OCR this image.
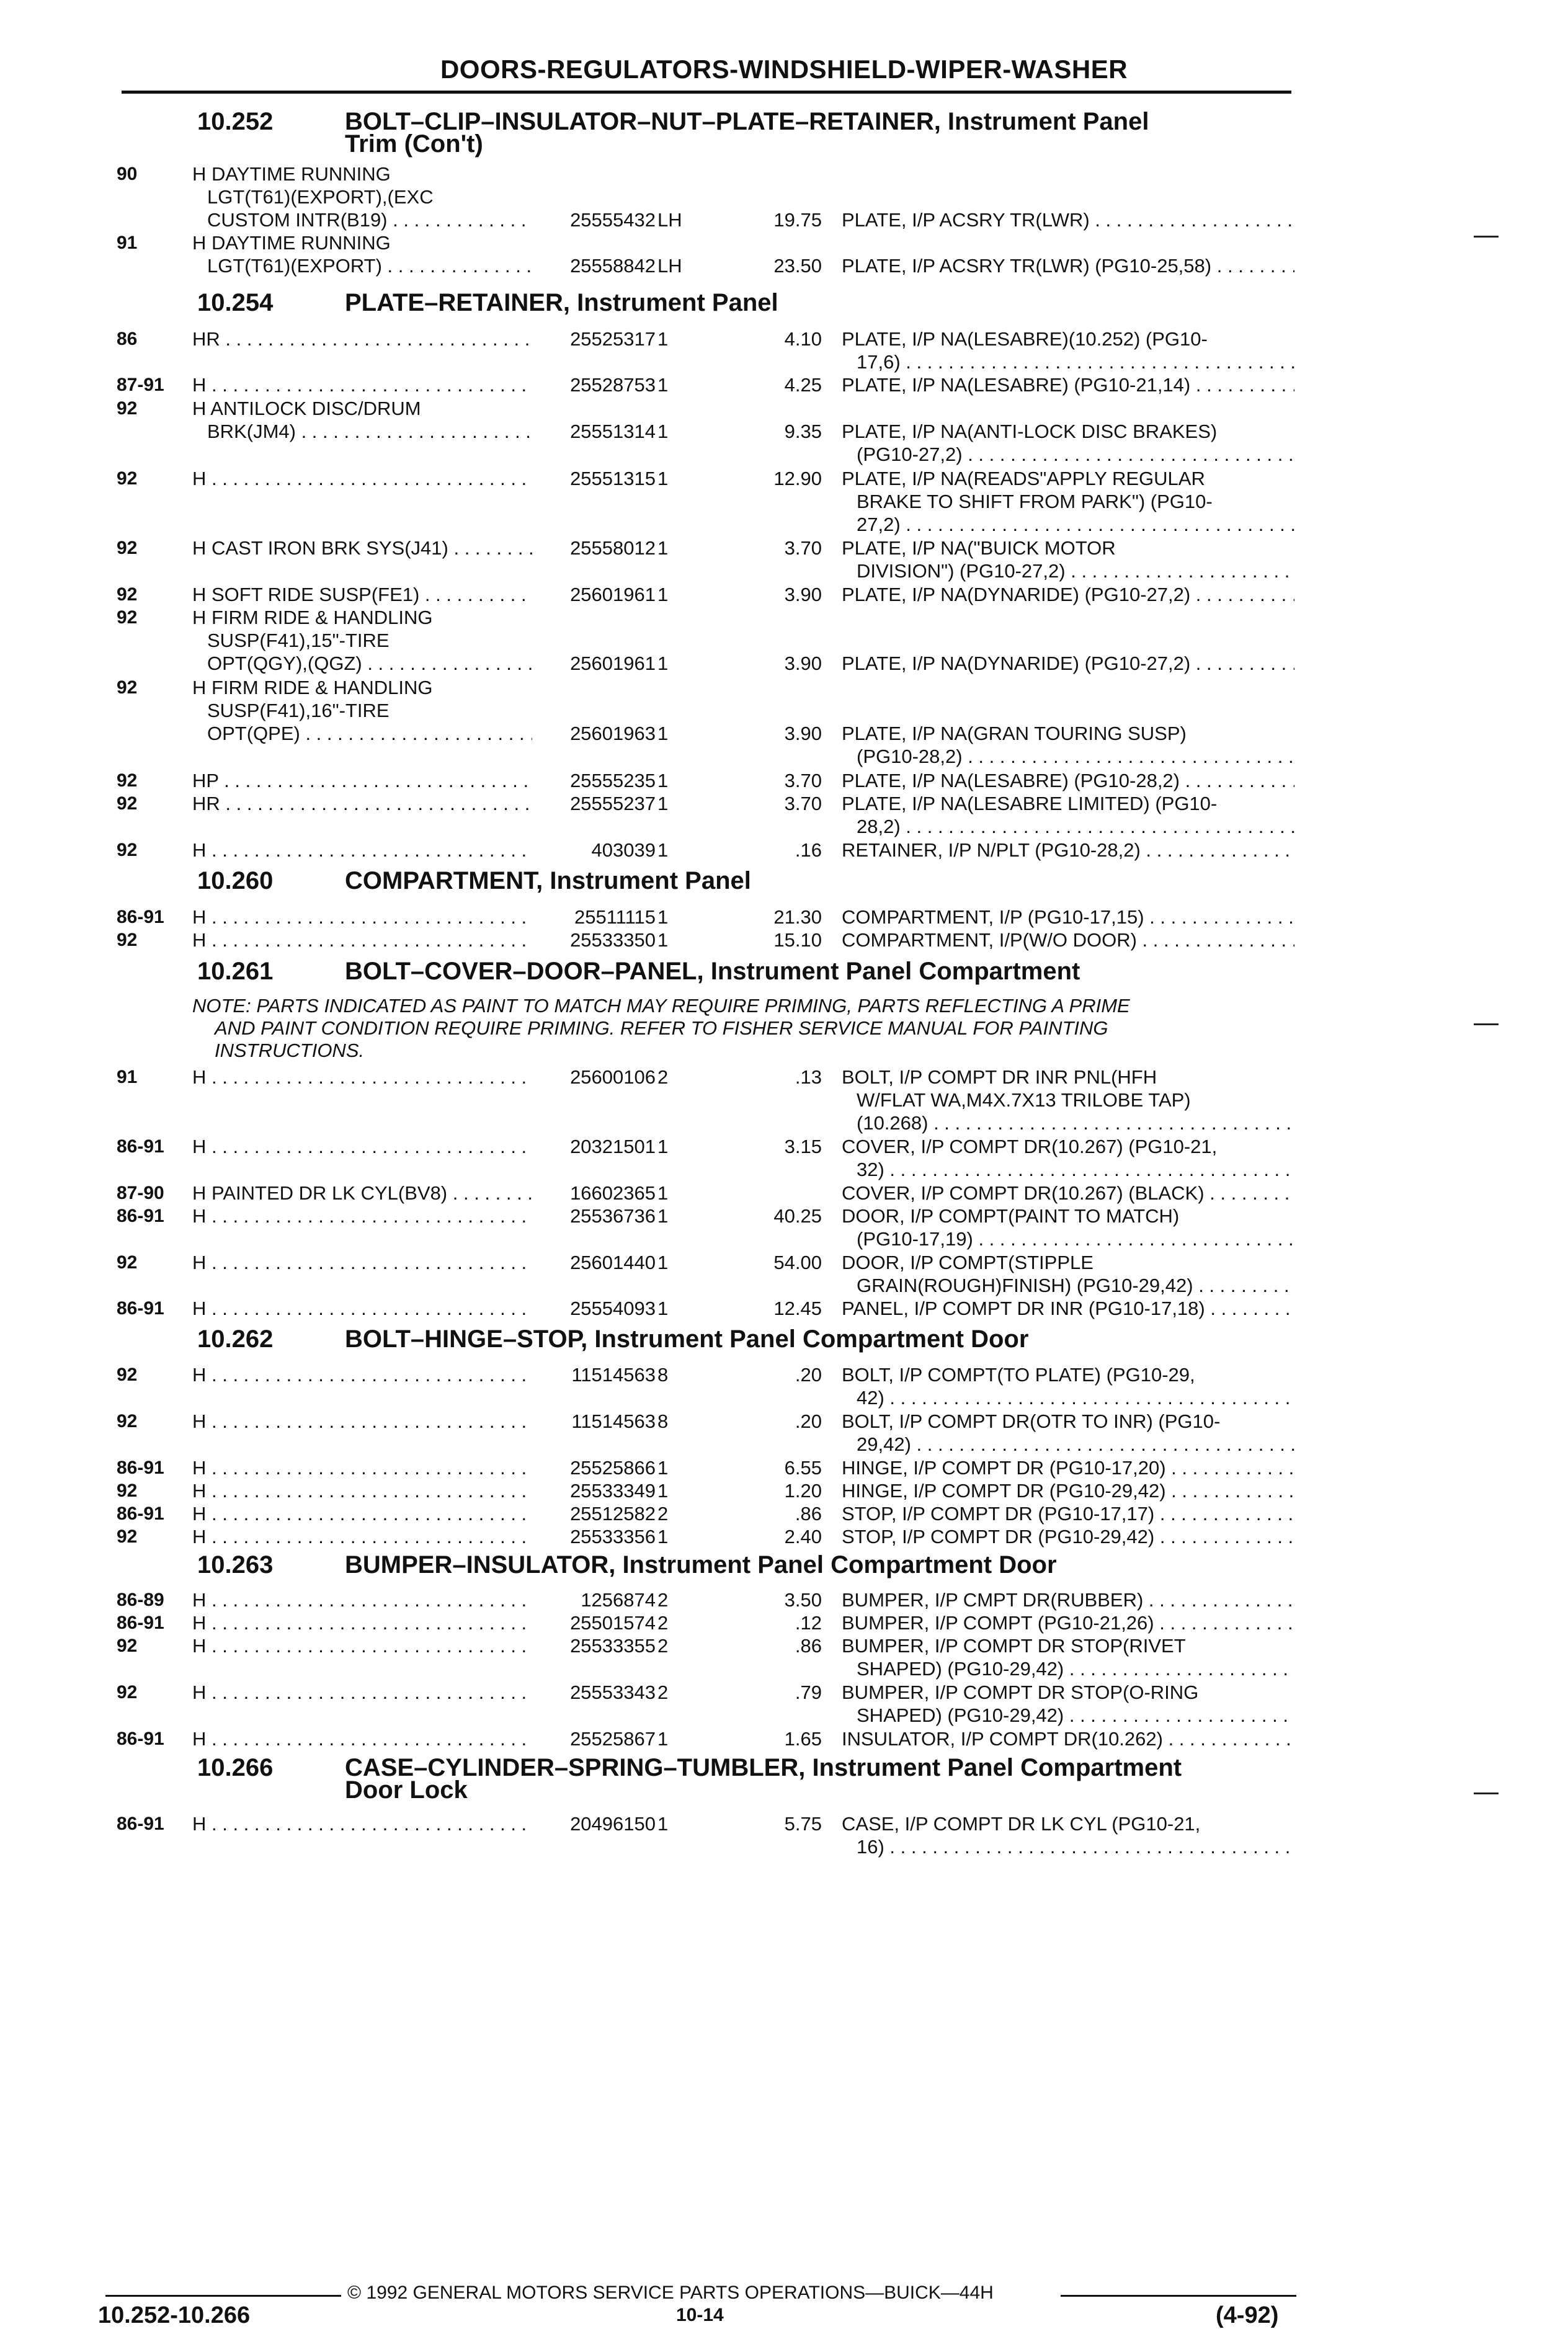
DOORS-REGULATORS-WINDSHIELD-WIPER-WASHER
10.252	BOLT–CLIP–INSULATOR–NUT–PLATE–RETAINER, Instrument Panel
Trim (Con't)
90	H DAYTIME RUNNING
LGT(T61)(EXPORT),(EXC
CUSTOM INTR(B19) . . .	25555432 LH	19.75 PLATE, I/P ACSRY TR(LWR) . . .
91	H DAYTIME RUNNING
LGT(T61)(EXPORT) . . .	25558842 LH	23.50 PLATE, I/P ACSRY TR(LWR) (PG10-25,58) . . .
10.254	PLATE–RETAINER, Instrument Panel
86	HR . . .	25525317 1	4.10 PLATE, I/P NA(LESABRE)(10.252) (PG10-
17,6) . . .
87-91	H . . .	25528753 1	4.25 PLATE, I/P NA(LESABRE) (PG10-21,14) . . .
92	H ANTILOCK DISC/DRUM
BRK(JM4) . . .	25551314 1	9.35 PLATE, I/P NA(ANTI-LOCK DISC BRAKES)
(PG10-27,2) . . .
92	H . . .	25551315 1	12.90 PLATE, I/P NA(READS"APPLY REGULAR
BRAKE TO SHIFT FROM PARK") (PG10-
27,2) . . .
92	H CAST IRON BRK SYS(J41) . . .	25558012 1	3.70 PLATE, I/P NA("BUICK MOTOR
DIVISION") (PG10-27,2) . . .
92	H SOFT RIDE SUSP(FE1) . . .	25601961 1	3.90 PLATE, I/P NA(DYNARIDE) (PG10-27,2) . . .
92	H FIRM RIDE & HANDLING
SUSP(F41),15"-TIRE
OPT(QGY),(QGZ) . . .	25601961 1	3.90 PLATE, I/P NA(DYNARIDE) (PG10-27,2) . . .
92	H FIRM RIDE & HANDLING
SUSP(F41),16"-TIRE
OPT(QPE) . . .	25601963 1	3.90 PLATE, I/P NA(GRAN TOURING SUSP)
(PG10-28,2) . . .
92	HP . . .	25555235 1	3.70 PLATE, I/P NA(LESABRE) (PG10-28,2) . . .
92	HR . . .	25555237 1	3.70 PLATE, I/P NA(LESABRE LIMITED) (PG10-
28,2) . . .
92	H . . .	403039 1	.16 RETAINER, I/P N/PLT (PG10-28,2) . . .
10.260	COMPARTMENT, Instrument Panel
86-91	H . . .	25511115 1	21.30 COMPARTMENT, I/P (PG10-17,15) . . .
92	H . . .	25533350 1	15.10 COMPARTMENT, I/P(W/O DOOR) . . .
10.261	BOLT–COVER–DOOR–PANEL, Instrument Panel Compartment
NOTE: PARTS INDICATED AS PAINT TO MATCH MAY REQUIRE PRIMING, PARTS REFLECTING A PRIME
AND PAINT CONDITION REQUIRE PRIMING. REFER TO FISHER SERVICE MANUAL FOR PAINTING
INSTRUCTIONS.
91	H . . .	25600106 2	.13 BOLT, I/P COMPT DR INR PNL(HFH
W/FLAT WA,M4X.7X13 TRILOBE TAP)
(10.268) . . .
86-91	H . . .	20321501 1	3.15 COVER, I/P COMPT DR(10.267) (PG10-21,
32) . . .
87-90	H PAINTED DR LK CYL(BV8) . . .	16602365 1	COVER, I/P COMPT DR(10.267) (BLACK) . . .
86-91	H . . .	25536736 1	40.25 DOOR, I/P COMPT(PAINT TO MATCH)
(PG10-17,19) . . .
92	H . . .	25601440 1	54.00 DOOR, I/P COMPT(STIPPLE
GRAIN(ROUGH)FINISH) (PG10-29,42) . . .
86-91	H . . .	25554093 1	12.45 PANEL, I/P COMPT DR INR (PG10-17,18) . . .
10.262	BOLT–HINGE–STOP, Instrument Panel Compartment Door
92	H . . .	11514563 8	.20 BOLT, I/P COMPT(TO PLATE) (PG10-29,
42) . . .
92	H . . .	11514563 8	.20 BOLT, I/P COMPT DR(OTR TO INR) (PG10-
29,42) . . .
86-91	H . . .	25525866 1	6.55 HINGE, I/P COMPT DR (PG10-17,20) . . .
92	H . . .	25533349 1	1.20 HINGE, I/P COMPT DR (PG10-29,42) . . .
86-91	H . . .	25512582 2	.86 STOP, I/P COMPT DR (PG10-17,17) . . .
92	H . . .	25533356 1	2.40 STOP, I/P COMPT DR (PG10-29,42) . . .
10.263	BUMPER–INSULATOR, Instrument Panel Compartment Door
86-89	H . . .	1256874 2	3.50 BUMPER, I/P CMPT DR(RUBBER) . . .
86-91	H . . .	25501574 2	.12 BUMPER, I/P COMPT (PG10-21,26) . . .
92	H . . .	25533355 2	.86 BUMPER, I/P COMPT DR STOP(RIVET
SHAPED) (PG10-29,42) . . .
92	H . . .	25553343 2	.79 BUMPER, I/P COMPT DR STOP(O-RING
SHAPED) (PG10-29,42) . . .
86-91	H . . .	25525867 1	1.65 INSULATOR, I/P COMPT DR(10.262) . . .
10.266	CASE–CYLINDER–SPRING–TUMBLER, Instrument Panel Compartment
Door Lock
86-91	H . . .	20496150 1	5.75 CASE, I/P COMPT DR LK CYL (PG10-21,
16) . . .
© 1992 GENERAL MOTORS SERVICE PARTS OPERATIONS—BUICK—44H
10.252-10.266	10-14	(4-92)
